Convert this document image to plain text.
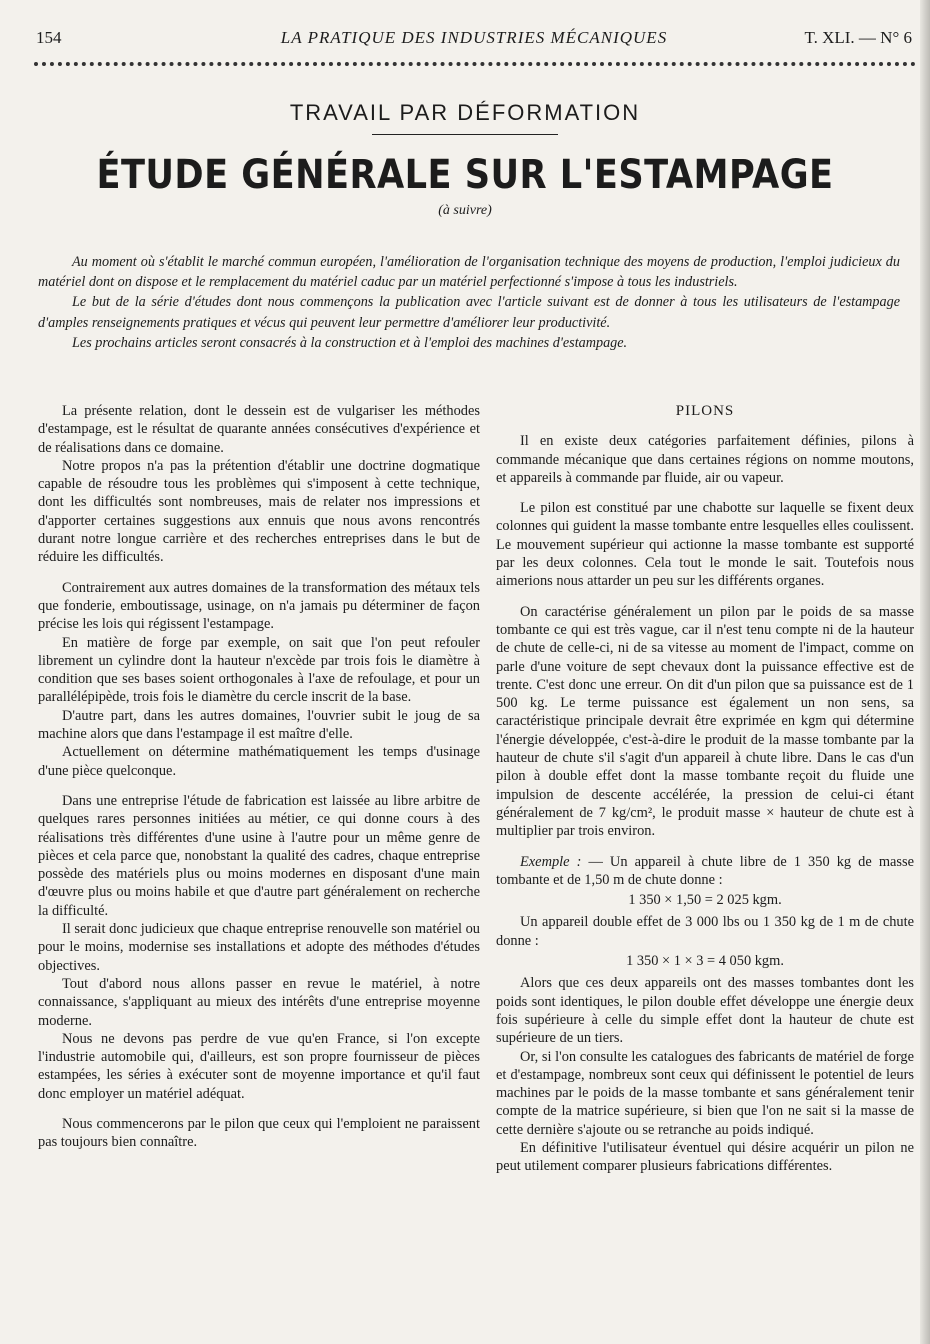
154	LA PRATIQUE DES INDUSTRIES MÉCANIQUES	T. XLI. — N° 6
TRAVAIL PAR DÉFORMATION
ÉTUDE GÉNÉRALE SUR L'ESTAMPAGE
(à suivre)

Au moment où s'établit le marché commun européen, l'amélioration de l'organisation technique des moyens de production, l'emploi judicieux du matériel dont on dispose et le remplacement du matériel caduc par un matériel perfectionné s'impose à tous les industriels.

Le but de la série d'études dont nous commençons la publication avec l'article suivant est de donner à tous les utilisateurs de l'estampage d'amples renseignements pratiques et vécus qui peuvent leur permettre d'améliorer leur productivité.

Les prochains articles seront consacrés à la construction et à l'emploi des machines d'estampage.

La présente relation, dont le dessein est de vulgariser les méthodes d'estampage, est le résultat de quarante années consécutives d'expérience et de réalisations dans ce domaine.

Notre propos n'a pas la prétention d'établir une doctrine dogmatique capable de résoudre tous les problèmes qui s'imposent à cette technique, dont les difficultés sont nombreuses, mais de relater nos impressions et d'apporter certaines suggestions aux ennuis que nous avons rencontrés durant notre longue carrière et des recherches entreprises dans le but de réduire les difficultés.

Contrairement aux autres domaines de la transformation des métaux tels que fonderie, emboutissage, usinage, on n'a jamais pu déterminer de façon précise les lois qui régissent l'estampage.

En matière de forge par exemple, on sait que l'on peut refouler librement un cylindre dont la hauteur n'excède par trois fois le diamètre à condition que ses bases soient orthogonales à l'axe de refoulage, et pour un parallélépipède, trois fois le diamètre du cercle inscrit de la base.

D'autre part, dans les autres domaines, l'ouvrier subit le joug de sa machine alors que dans l'estampage il est maître d'elle.

Actuellement on détermine mathématiquement les temps d'usinage d'une pièce quelconque.

Dans une entreprise l'étude de fabrication est laissée au libre arbitre de quelques rares personnes initiées au métier, ce qui donne cours à des réalisations très différentes d'une usine à l'autre pour un même genre de pièces et cela parce que, nonobstant la qualité des cadres, chaque entreprise possède des matériels plus ou moins modernes en disposant d'une main d'œuvre plus ou moins habile et que d'autre part généralement on recherche la difficulté.

Il serait donc judicieux que chaque entreprise renouvelle son matériel ou pour le moins, modernise ses installations et adopte des méthodes d'études objectives.

Tout d'abord nous allons passer en revue le matériel, à notre connaissance, s'appliquant au mieux des intérêts d'une entreprise moyenne moderne.

Nous ne devons pas perdre de vue qu'en France, si l'on excepte l'industrie automobile qui, d'ailleurs, est son propre fournisseur de pièces estampées, les séries à exécuter sont de moyenne importance et qu'il faut donc employer un matériel adéquat.

Nous commencerons par le pilon que ceux qui l'emploient ne paraissent pas toujours bien connaître.

PILONS

Il en existe deux catégories parfaitement définies, pilons à commande mécanique que dans certaines régions on nomme moutons, et appareils à commande par fluide, air ou vapeur.

Le pilon est constitué par une chabotte sur laquelle se fixent deux colonnes qui guident la masse tombante entre lesquelles elles coulissent. Le mouvement supérieur qui actionne la masse tombante est supporté par les deux colonnes. Cela tout le monde le sait. Toutefois nous aimerions nous attarder un peu sur les différents organes.

On caractérise généralement un pilon par le poids de sa masse tombante ce qui est très vague, car il n'est tenu compte ni de la hauteur de chute de celle-ci, ni de sa vitesse au moment de l'impact, comme on parle d'une voiture de sept chevaux dont la puissance effective est de trente. C'est donc une erreur. On dit d'un pilon que sa puissance est de 1 500 kg. Le terme puissance est également un non sens, sa caractéristique principale devrait être exprimée en kgm qui détermine l'énergie développée, c'est-à-dire le produit de la masse tombante par la hauteur de chute s'il s'agit d'un appareil à chute libre. Dans le cas d'un pilon à double effet dont la masse tombante reçoit du fluide une impulsion de descente accélérée, la pression de celui-ci étant généralement de 7 kg/cm², le produit masse × hauteur de chute est à multiplier par trois environ.

Exemple : — Un appareil à chute libre de 1 350 kg de masse tombante et de 1,50 m de chute donne :

1 350 × 1,50 = 2 025 kgm.

Un appareil double effet de 3 000 lbs ou 1 350 kg de 1 m de chute donne :

1 350 × 1 × 3 = 4 050 kgm.

Alors que ces deux appareils ont des masses tombantes dont les poids sont identiques, le pilon double effet développe une énergie deux fois supérieure à celle du simple effet dont la hauteur de chute est supérieure de un tiers.

Or, si l'on consulte les catalogues des fabricants de matériel de forge et d'estampage, nombreux sont ceux qui définissent le potentiel de leurs machines par le poids de la masse tombante et sans généralement tenir compte de la matrice supérieure, si bien que l'on ne sait si la masse de cette dernière s'ajoute ou se retranche au poids indiqué.

En définitive l'utilisateur éventuel qui désire acquérir un pilon ne peut utilement comparer plusieurs fabrications différentes.
